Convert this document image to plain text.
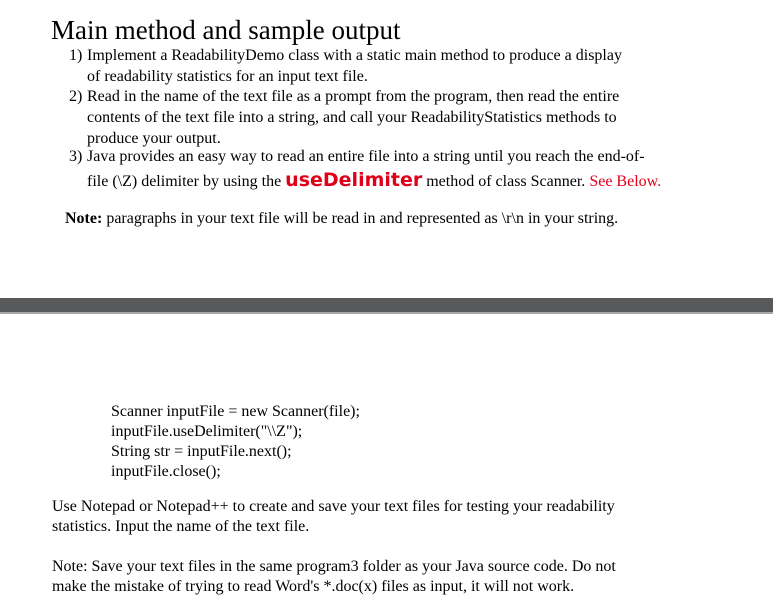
Main method and sample output
1) Implement a ReadabilityDemo class with a static main method to produce a display
of readability statistics for an input text file.
2) Read in the name of the text file as a prompt from the program, then read the entire
contents of the text file into a string, and call your ReadabilityStatistics methods to
produce your output.
3) Java provides an easy way to read an entire file into a string until you reach the end-of-
file (\Z) delimiter by using the useDelimiter method of class Scanner. See Below.
Note: paragraphs in your text file will be read in and represented as \r\n in your string.
Scanner inputFile = new Scanner(file);
inputFile.useDelimiter("\\Z");
String str = inputFile.next();
inputFile.close();
Use Notepad or Notepad++ to create and save your text files for testing your readability
statistics. Input the name of the text file.
Note: Save your text files in the same program3 folder as your Java source code. Do not
make the mistake of trying to read Word's *.doc(x) files as input, it will not work.
